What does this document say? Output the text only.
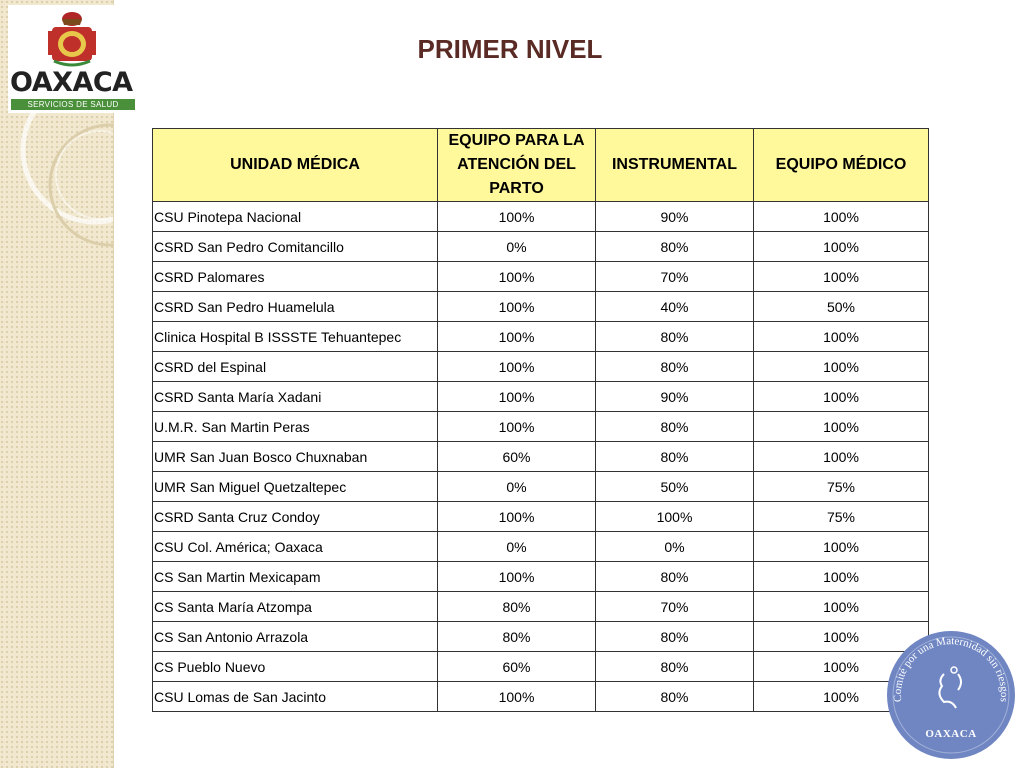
OAXACA
SERVICIOS DE SALUD
PRIMER NIVEL
UNIDAD MÉDICA	EQUIPO PARA LA ATENCIÓN DEL PARTO	INSTRUMENTAL	EQUIPO MÉDICO
CSU Pinotepa Nacional	100%	90%	100%
CSRD San Pedro Comitancillo	0%	80%	100%
CSRD Palomares	100%	70%	100%
CSRD San Pedro Huamelula	100%	40%	50%
Clinica Hospital B ISSSTE Tehuantepec	100%	80%	100%
CSRD del Espinal	100%	80%	100%
CSRD Santa María Xadani	100%	90%	100%
U.M.R. San Martin Peras	100%	80%	100%
UMR San Juan Bosco Chuxnaban	60%	80%	100%
UMR San Miguel Quetzaltepec	0%	50%	75%
CSRD Santa Cruz Condoy	100%	100%	75%
CSU Col. América; Oaxaca	0%	0%	100%
CS San Martin Mexicapam	100%	80%	100%
CS Santa María Atzompa	80%	70%	100%
CS San Antonio Arrazola	80%	80%	100%
CS Pueblo Nuevo	60%	80%	100%
CSU Lomas de San Jacinto	100%	80%	100%	Comité por una Maternidad sin riesgos
OAXACA
